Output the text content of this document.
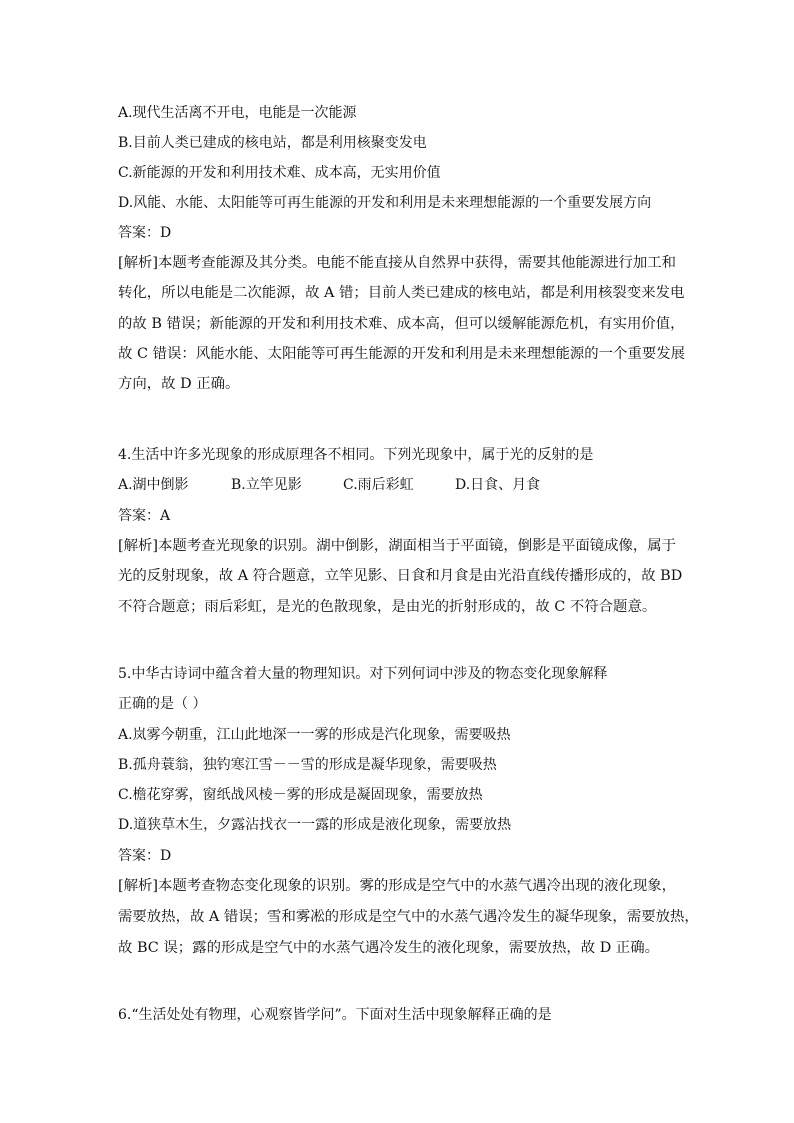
A.现代生活离不开电，电能是一次能源
B.目前人类已建成的核电站，都是利用核聚变发电
C.新能源的开发和利用技术难、成本高，无实用价值
D.风能、水能、太阳能等可再生能源的开发和利用是未来理想能源的一个重要发展方向
答案：D
[解析]本题考查能源及其分类。电能不能直接从自然界中获得，需要其他能源进行加工和
转化，所以电能是二次能源，故 A 错；目前人类已建成的核电站，都是利用核裂变来发电
的故 B 错误；新能源的开发和利用技术难、成本高，但可以缓解能源危机，有实用价值，
故 C 错误：风能水能、太阳能等可再生能源的开发和利用是未来理想能源的一个重要发展
方向，故 D 正确。
4.生活中许多光现象的形成原理各不相同。下列光现象中，属于光的反射的是
A.湖中倒影	B.立竿见影	C.雨后彩虹	D.日食、月食
答案：A
[解析]本题考查光现象的识别。湖中倒影，湖面相当于平面镜，倒影是平面镜成像，属于
光的反射现象，故 A 符合题意，立竿见影、日食和月食是由光沿直线传播形成的，故 BD
不符合题意；雨后彩虹，是光的色散现象，是由光的折射形成的，故 C 不符合题意。
5.中华古诗词中蕴含着大量的物理知识。对下列何词中涉及的物态变化现象解释
正确的是（ ）
A.岚雾今朝重，江山此地深一一雾的形成是汽化现象，需要吸热
B.孤舟蓑翁，独钓寒江雪－－雪的形成是凝华现象，需要吸热
C.檐花穿雾，窗纸战风棱－雾的形成是凝固现象，需要放热
D.道狭草木生，夕露沾找衣一一露的形成是液化现象，需要放热
答案：D
[解析]本题考查物态变化现象的识别。雾的形成是空气中的水蒸气遇冷出现的液化现象，
需要放热，故 A 错误；雪和雾凇的形成是空气中的水蒸气遇冷发生的凝华现象，需要放热，
故 BC 误；露的形成是空气中的水蒸气遇冷发生的液化现象，需要放热，故 D 正确。
6.“生活处处有物理，心观察皆学问”。下面对生活中现象解释正确的是
